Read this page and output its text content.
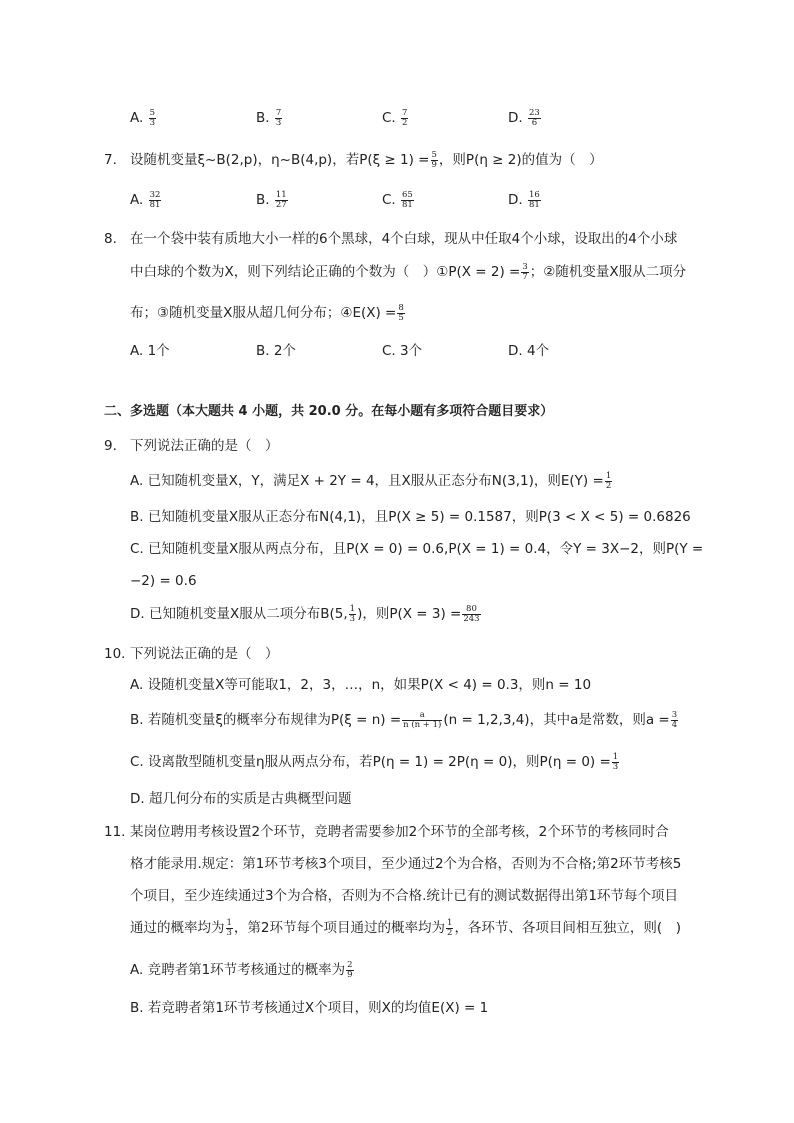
A. $\frac{5}{3}$	B. $\frac{7}{3}$	C. $\frac{7}{2}$	D. $\frac{23}{6}$
7. 设随机变量ξ~B(2,p)，η~B(4,p)，若$P(\xi \ge 1) = \frac{5}{9}$ ，则P(η ≥ 2)的值为（　）
A. $\frac{32}{81}$	B. $\frac{11}{27}$	C. $\frac{65}{81}$	D. $\frac{16}{81}$
8. 在一个袋中装有质地大小一样的6个黑球，4个白球，现从中任取4个小球，设取出的4个小球
中白球的个数为X，则下列结论正确的个数为（　）①P(X = $2) = \frac{3}{7}$ ；②随机变量X服从二项分
布；③随机变量X服从超几何分布；④E(X) = $\frac{8}{5}$
A. 1个	B. 2个	C. 3个	D. 4个
二、多选题（本大题共 4 小题，共 20.0 分。在每小题有多项符合题目要求）
9. 下列说法正确的是（　）
A. 已知随机变量X，Y，满足X + 2Y = 4，且X服从正态分布N(3,1)，则$E(Y) = \frac{1}{2}$
B. 已知随机变量X服从正态分布N(4,1)，且P(X ≥ 5) = 0.1587，则P(3 < X < 5) = 0.6826
C. 已知随机变量X服从两点分布，且P(X = 0) = 0.6,P(X = 1) = 0.4，令Y = 3X−2，则P(Y =
−2) = 0.6
D. 已知随机变量X服从二项分布B(5, $\frac{1}{3}$ )，则$P(X = 3) = \frac{80}{243}$
10. 下列说法正确的是（　）
A. 设随机变量X等可能取1，2，3，…，n，如果P(X < 4) = 0.3，则n = 10
B. 若随机变量ξ的概率分布规律为$P(\xi = n) = \frac{a}{n (n + 1)} (n = 1,2,3,4)$，其中a是常数，则$a = \frac{3}{4}$
C. 设离散型随机变量η服从两点分布，若P(η = 1) = 2P(η = 0)，则$P(\eta = 0) = \frac{1}{3}$
D. 超几何分布的实质是古典概型问题
11. 某岗位聘用考核设置2个环节，竞聘者需要参加2个环节的全部考核，2个环节的考核同时合
格才能录用.规定：第1环节考核3个项目，至少通过2个为合格，否则为不合格;第2环节考核5
个项目，至少连续通过3个为合格，否则为不合格.统计已有的测试数据得出第1环节每个项目
通过的概率均为 $\frac{1}{3}$ ，第2环节每个项目通过的概率均为 $\frac{1}{2}$ ，各环节、各项目间相互独立，则(　)
A. 竞聘者第1环节考核通过的概率为 $\frac{2}{9}$
B. 若竞聘者第1环节考核通过X个项目，则X的均值E(X) = 1
